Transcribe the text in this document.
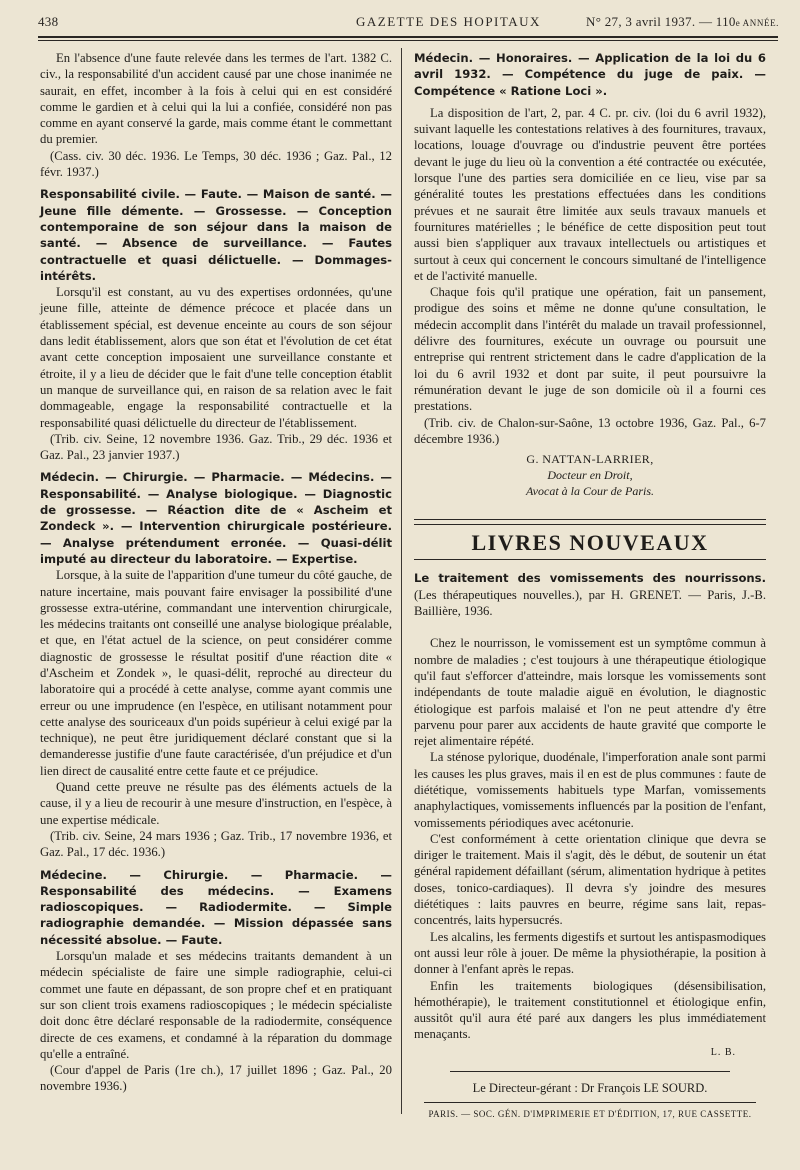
438	GAZETTE DES HOPITAUX	N° 27, 3 avril 1937. — 110e ANNÉE.

En l'absence d'une faute relevée dans les termes de l'art. 1382 C. civ., la responsabilité d'un accident causé par une chose inanimée ne saurait, en effet, incomber à la fois à celui qui en est considéré comme le gardien et à celui qui la lui a confiée, considéré non pas comme en ayant conservé la garde, mais comme étant le commettant du premier.

(Cass. civ. 30 déc. 1936. Le Temps, 30 déc. 1936 ; Gaz. Pal., 12 févr. 1937.)

Responsabilité civile. — Faute. — Maison de santé. — Jeune fille démente. — Grossesse. — Conception contemporaine de son séjour dans la maison de santé. — Absence de surveillance. — Fautes contractuelle et quasi délictuelle. — Dommages-intérêts.

Lorsqu'il est constant, au vu des expertises ordonnées, qu'une jeune fille, atteinte de démence précoce et placée dans un établissement spécial, est devenue enceinte au cours de son séjour dans ledit établissement, alors que son état et l'évolution de cet état avant cette conception imposaient une surveillance constante et étroite, il y a lieu de décider que le fait d'une telle conception établit un manque de surveillance qui, en raison de sa relation avec le fait dommageable, engage la responsabilité contractuelle et la responsabilité quasi délictuelle du directeur de l'établissement.

(Trib. civ. Seine, 12 novembre 1936. Gaz. Trib., 29 déc. 1936 et Gaz. Pal., 23 janvier 1937.)

Médecin. — Chirurgie. — Pharmacie. — Médecins. — Responsabilité. — Analyse biologique. — Diagnostic de grossesse. — Réaction dite de « Ascheim et Zondeck ». — Intervention chirurgicale postérieure. — Analyse prétendument erronée. — Quasi-délit imputé au directeur du laboratoire. — Expertise.

Lorsque, à la suite de l'apparition d'une tumeur du côté gauche, de nature incertaine, mais pouvant faire envisager la possibilité d'une grossesse extra-utérine, commandant une intervention chirurgicale, les médecins traitants ont conseillé une analyse biologique préalable, et que, en l'état actuel de la science, on peut considérer comme diagnostic de grossesse le résultat positif d'une réaction dite « d'Ascheim et Zondek », le quasi-délit, reproché au directeur du laboratoire qui a procédé à cette analyse, comme ayant commis une erreur ou une imprudence (en l'espèce, en utilisant notamment pour cette analyse des souriceaux d'un poids supérieur à celui exigé par la technique), ne peut être juridiquement déclaré constant que si la demanderesse justifie d'une faute caractérisée, d'un préjudice et d'un lien direct de causalité entre cette faute et ce préjudice.

Quand cette preuve ne résulte pas des éléments actuels de la cause, il y a lieu de recourir à une mesure d'instruction, en l'espèce, à une expertise médicale.

(Trib. civ. Seine, 24 mars 1936 ; Gaz. Trib., 17 novembre 1936, et Gaz. Pal., 17 déc. 1936.)

Médecine. — Chirurgie. — Pharmacie. — Responsabilité des médecins. — Examens radioscopiques. — Radiodermite. — Simple radiographie demandée. — Mission dépassée sans nécessité absolue. — Faute.

Lorsqu'un malade et ses médecins traitants demandent à un médecin spécialiste de faire une simple radiographie, celui-ci commet une faute en dépassant, de son propre chef et en pratiquant sur son client trois examens radioscopiques ; le médecin spécialiste doit donc être déclaré responsable de la radiodermite, conséquence directe de ces examens, et condamné à la réparation du dommage qu'elle a entraîné.

(Cour d'appel de Paris (1re ch.), 17 juillet 1896 ; Gaz. Pal., 20 novembre 1936.)

Médecin. — Honoraires. — Application de la loi du 6 avril 1932. — Compétence du juge de paix. — Compétence « Ratione Loci ».

La disposition de l'art, 2, par. 4 C. pr. civ. (loi du 6 avril 1932), suivant laquelle les contestations relatives à des fournitures, travaux, locations, louage d'ouvrage ou d'industrie peuvent être portées devant le juge du lieu où la convention a été contractée ou exécutée, lorsque l'une des parties sera domiciliée en ce lieu, vise par sa généralité toutes les prestations effectuées dans les conditions prévues et ne saurait être limitée aux seuls travaux manuels et fournitures matérielles ; le bénéfice de cette disposition peut tout aussi bien s'appliquer aux travaux intellectuels ou artistiques et surtout à ceux qui concernent le concours simultané de l'intelligence et de l'activité manuelle.

Chaque fois qu'il pratique une opération, fait un pansement, prodigue des soins et même ne donne qu'une consultation, le médecin accomplit dans l'intérêt du malade un travail professionnel, délivre des fournitures, exécute un ouvrage ou poursuit une entreprise qui rentrent strictement dans le cadre d'application de la loi du 6 avril 1932 et dont par suite, il peut poursuivre la rémunération devant le juge de son domicile où il a fourni ces prestations.

(Trib. civ. de Chalon-sur-Saône, 13 octobre 1936, Gaz. Pal., 6-7 décembre 1936.)

G. NATTAN-LARRIER,
Docteur en Droit,
Avocat à la Cour de Paris.
LIVRES NOUVEAUX

Le traitement des vomissements des nourrissons. (Les thérapeutiques nouvelles.), par H. GRENET. — Paris, J.-B. Baillière, 1936.

Chez le nourrisson, le vomissement est un symptôme commun à nombre de maladies ; c'est toujours à une thérapeutique étiologique qu'il faut s'efforcer d'atteindre, mais lorsque les vomissements sont indépendants de toute maladie aiguë en évolution, le diagnostic étiologique est parfois malaisé et l'on ne peut attendre d'y être parvenu pour parer aux accidents de haute gravité que comporte le rejet alimentaire répété.

La sténose pylorique, duodénale, l'imperforation anale sont parmi les causes les plus graves, mais il en est de plus communes : faute de diététique, vomissements habituels type Marfan, vomissements anaphylactiques, vomissements influencés par la position de l'enfant, vomissements périodiques avec acétonurie.

C'est conformément à cette orientation clinique que devra se diriger le traitement. Mais il s'agit, dès le début, de soutenir un état général rapidement défaillant (sérum, alimentation hydrique à petites doses, tonico-cardiaques). Il devra s'y joindre des mesures diététiques : laits pauvres en beurre, régime sans lait, repas-concentrés, laits hypersucrés.

Les alcalins, les ferments digestifs et surtout les antispasmodiques ont aussi leur rôle à jouer. De même la physiothérapie, la position à donner à l'enfant après le repas.

Enfin les traitements biologiques (désensibilisation, hémothérapie), le traitement constitutionnel et étiologique enfin, aussitôt qu'il aura été paré aux dangers les plus immédiatement menaçants.

L. B.
Le Directeur-gérant : Dr François LE SOURD.
PARIS. — SOC. GÉN. D'IMPRIMERIE ET D'ÉDITION, 17, RUE CASSETTE.
